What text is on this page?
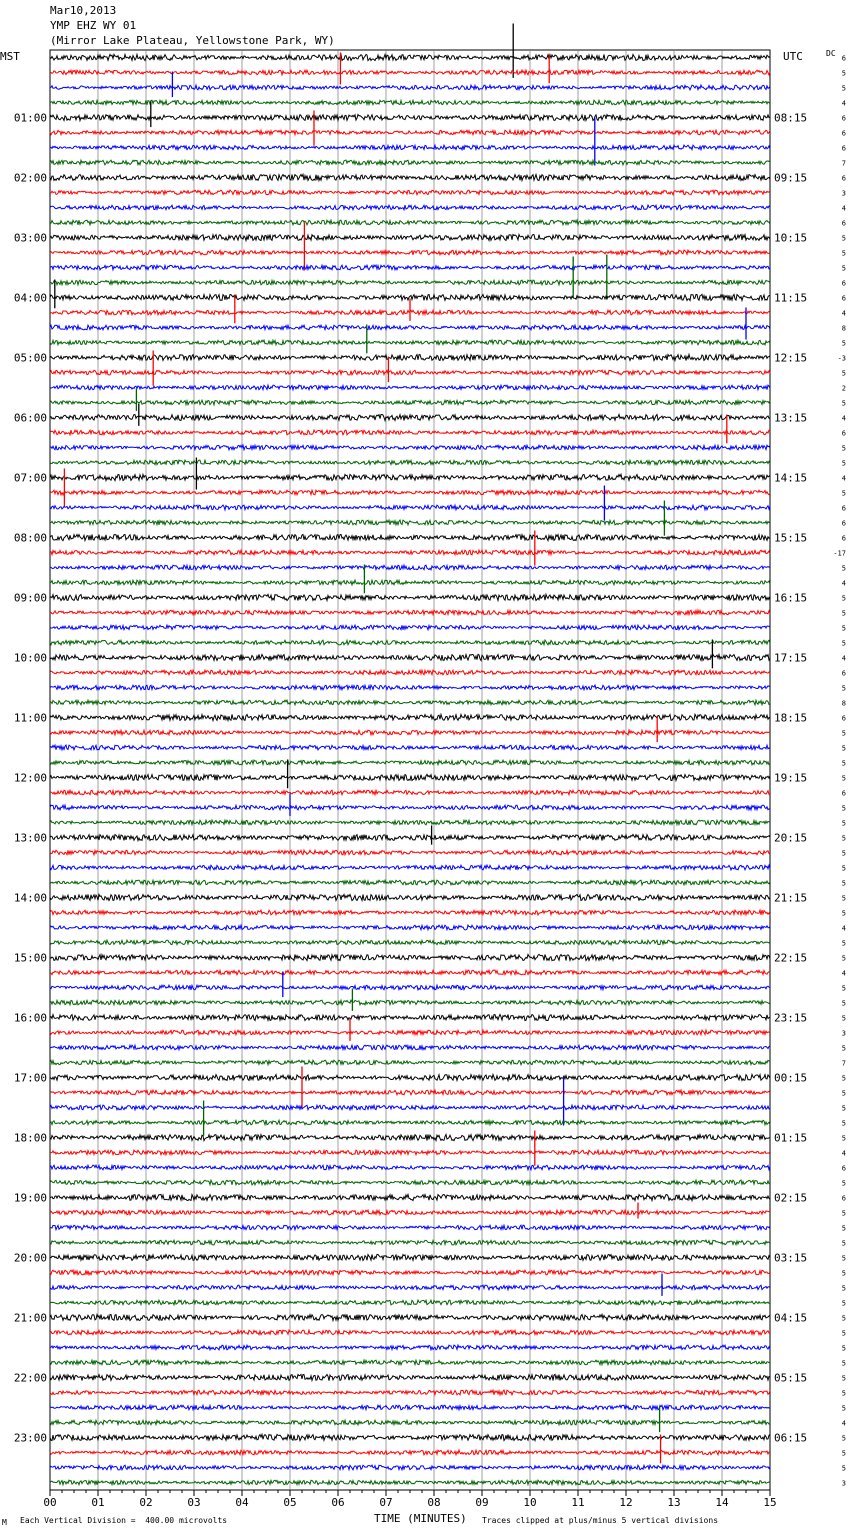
Mar10,2013
YMP EHZ WY 01
(Mirror Lake Plateau, Yellowstone Park, WY)
MST	UTC	DC
00	01	02	03	04	05	06	07	08	09	10	11	12	13	14	15
01:00
02:00
03:00
04:00
05:00
06:00
07:00
08:00
09:00
10:00
11:00
12:00
13:00
14:00
15:00
16:00
17:00
18:00
19:00
20:00
21:00
22:00
23:00
08:15
09:15
10:15
11:15
12:15
13:15
14:15
15:15
16:15
17:15
18:15
19:15
20:15
21:15
22:15
23:15
00:15
01:15
02:15
03:15
04:15
05:15
06:15
6
5
5
4
6
6
6
7
6
3
4
6
5
5
5
6
6
4
8
5
-3
5
2
5
4
6
5
5
4
5
6
6
6
-17
5
4
5
5
5
5
4
6
5
8
6
5
5
5
5
6
5
5
5
5
5
5
5
5
4
5
5
4
5
5
5
3
5
7
5
5
5
5
5
4
6
5
6
5
5
5
5
5
5
5
5
5
5
5
5
5
5
4
5
5
5
3
M Each Vertical Division =  400.00 microvolts	TIME (MINUTES) Traces clipped at plus/minus 5 vertical divisions
